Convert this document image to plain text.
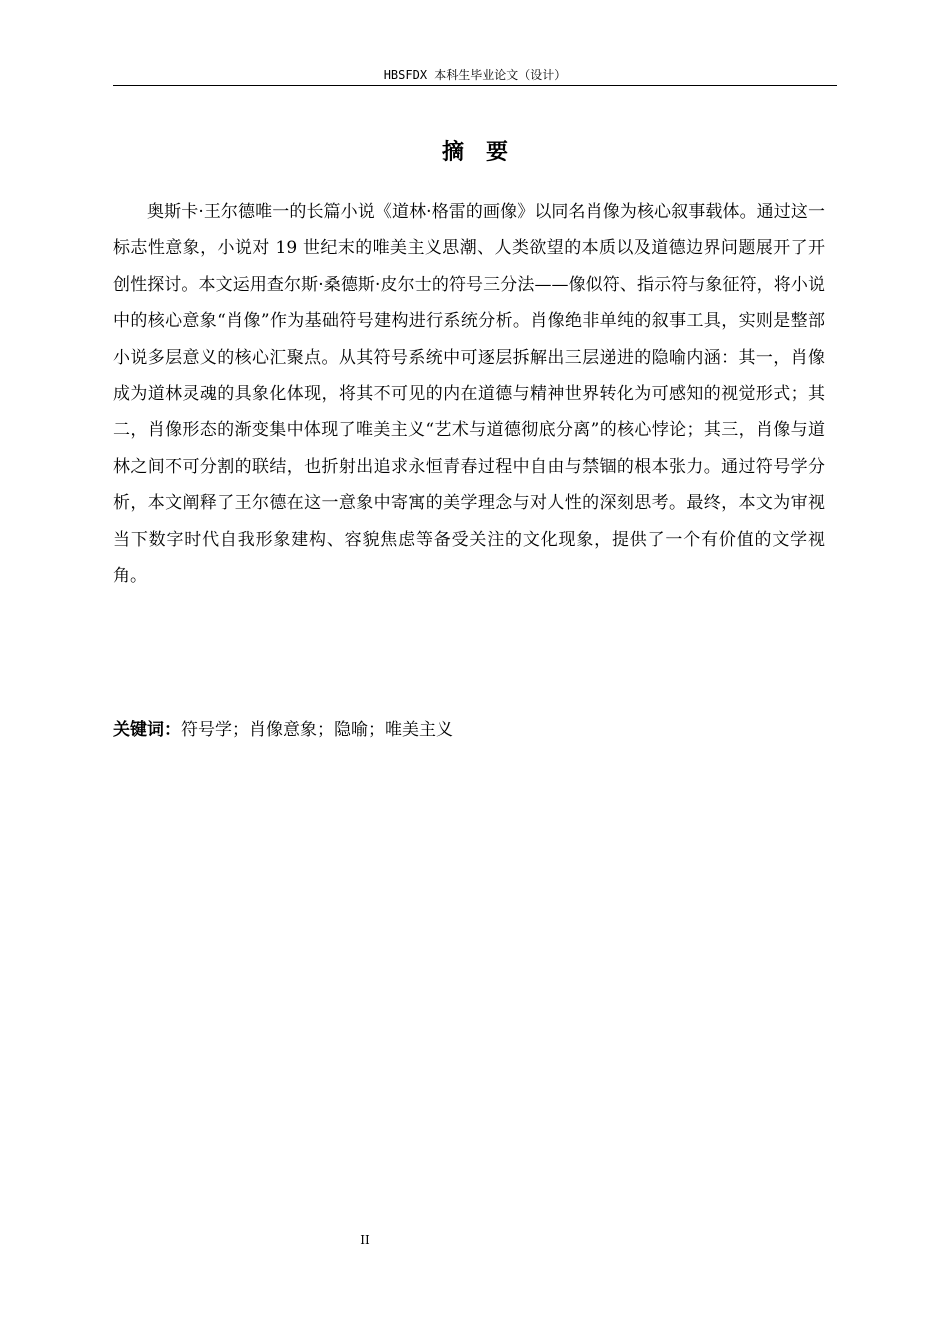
HBSFDX 本科生毕业论文（设计）
摘要

奥斯卡·王尔德唯一的长篇小说《道林·格雷的画像》以同名肖像为核心叙事载体。通过这一标志性意象，小说对 19 世纪末的唯美主义思潮、人类欲望的本质以及道德边界问题展开了开创性探讨。本文运用查尔斯·桑德斯·皮尔士的符号三分法——像似符、指示符与象征符，将小说中的核心意象“肖像”作为基础符号建构进行系统分析。肖像绝非单纯的叙事工具，实则是整部小说多层意义的核心汇聚点。从其符号系统中可逐层拆解出三层递进的隐喻内涵：其一，肖像成为道林灵魂的具象化体现，将其不可见的内在道德与精神世界转化为可感知的视觉形式；其二，肖像形态的渐变集中体现了唯美主义“艺术与道德彻底分离”的核心悖论；其三，肖像与道林之间不可分割的联结，也折射出追求永恒青春过程中自由与禁锢的根本张力。通过符号学分析，本文阐释了王尔德在这一意象中寄寓的美学理念与对人性的深刻思考。最终，本文为审视当下数字时代自我形象建构、容貌焦虑等备受关注的文化现象，提供了一个有价值的文学视角。

关键词：符号学；肖像意象；隐喻；唯美主义
II
